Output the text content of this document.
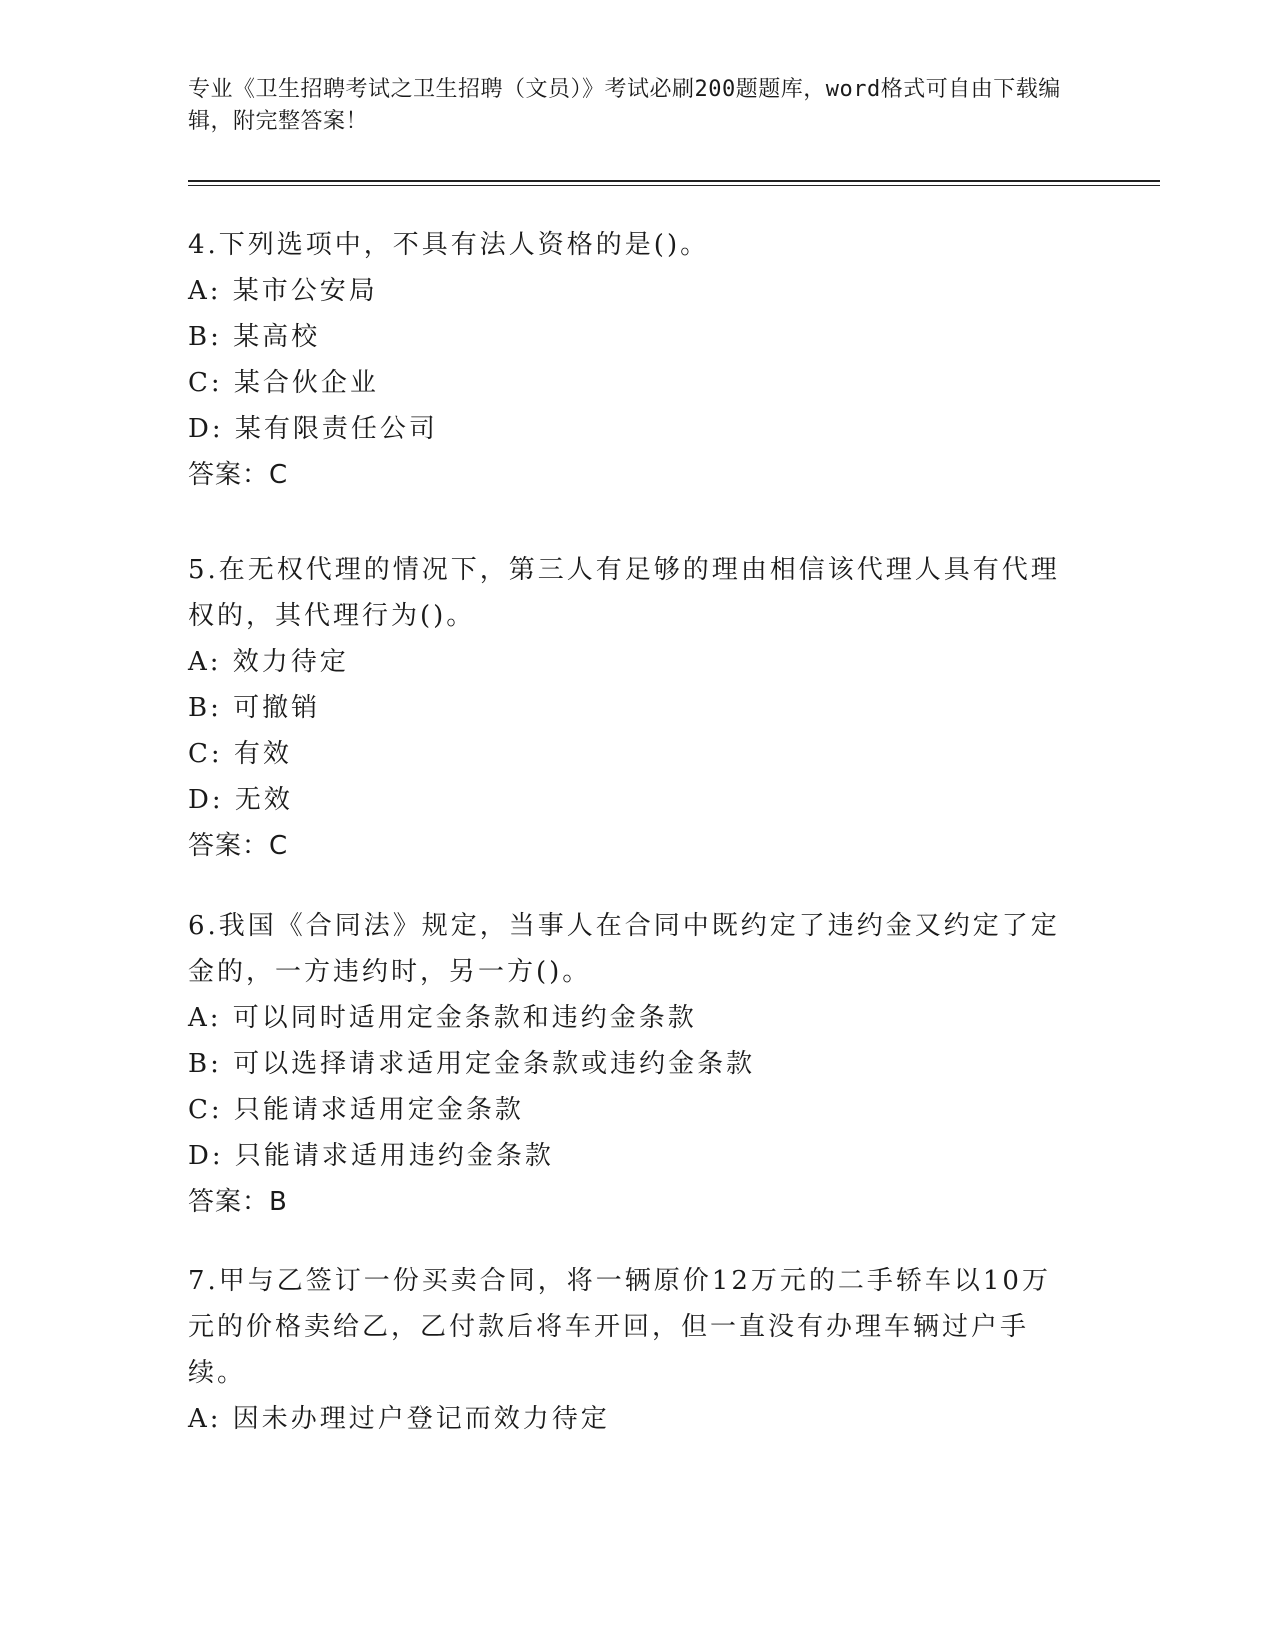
专业《卫生招聘考试之卫生招聘（文员）》考试必刷200题题库，word格式可自由下载编辑，附完整答案！
4.下列选项中，不具有法人资格的是()。
A: 某市公安局
B: 某高校
C: 某合伙企业
D: 某有限责任公司
答案：C
5.在无权代理的情况下，第三人有足够的理由相信该代理人具有代理权的，其代理行为()。
A: 效力待定
B: 可撤销
C: 有效
D: 无效
答案：C
6.我国《合同法》规定，当事人在合同中既约定了违约金又约定了定金的，一方违约时，另一方()。
A: 可以同时适用定金条款和违约金条款
B: 可以选择请求适用定金条款或违约金条款
C: 只能请求适用定金条款
D: 只能请求适用违约金条款
答案：B
7.甲与乙签订一份买卖合同，将一辆原价12万元的二手轿车以10万元的价格卖给乙，乙付款后将车开回，但一直没有办理车辆过户手续。
A: 因未办理过户登记而效力待定
